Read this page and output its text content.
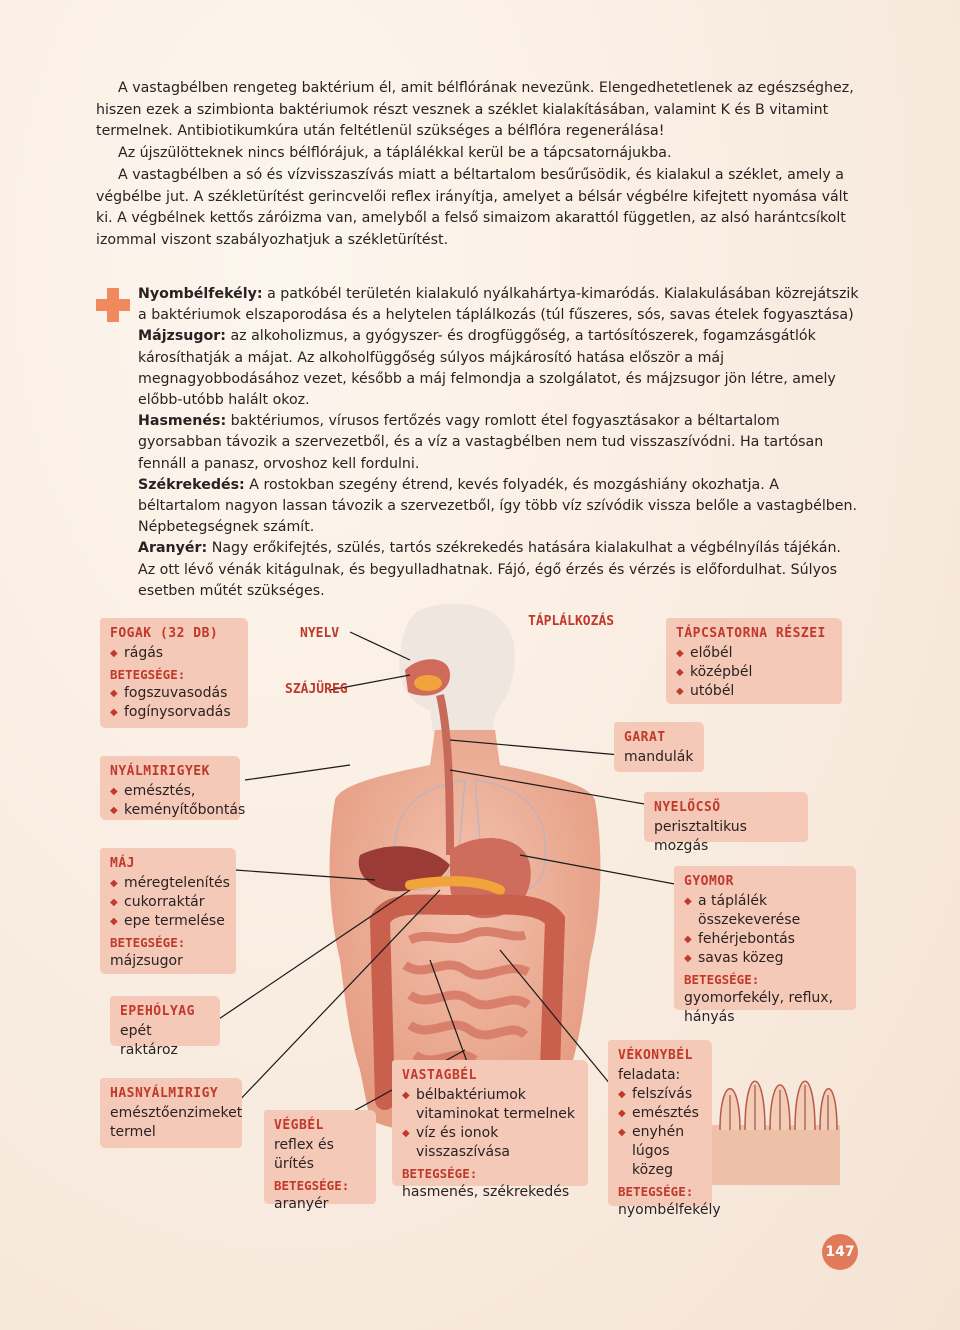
A vastagbélben rengeteg baktérium él, amit bélflórának nevezünk. Elengedhetetlenek az egészséghez, hiszen ezek a szimbionta baktériumok részt vesznek a széklet kialakításában, valamint K és B vitamint termelnek. Antibiotikumkúra után feltétlenül szükséges a bélflóra regenerálása!

Az újszülötteknek nincs bélflórájuk, a táplálékkal kerül be a tápcsatornájukba.

A vastagbélben a só és vízvisszaszívás miatt a béltartalom besűrűsödik, és kialakul a széklet, amely a végbélbe jut. A székletürítést gerincvelői reflex irányítja, amelyet a bélsár végbélre kifejtett nyomása vált ki. A végbélnek kettős záróizma van, amelyből a felső simaizom akarattól független, az alsó harántcsíkolt izommal viszont szabályozhatjuk a székletürítést.

Nyombélfekély: a patkóbél területén kialakuló nyálkahártya-kimaródás. Kialakulásában közrejátszik a baktériumok elszaporodása és a helytelen táplálkozás (túl fűszeres, sós, savas ételek fogyasztása)

Májzsugor: az alkoholizmus, a gyógyszer- és drogfüggőség, a tartósítószerek, fogamzásgátlók károsíthatják a májat. Az alkoholfüggőség súlyos májkárosító hatása először a máj megnagyobbodásához vezet, később a máj felmondja a szolgálatot, és májzsugor jön létre, amely előbb-utóbb halált okoz.

Hasmenés: baktériumos, vírusos fertőzés vagy romlott étel fogyasztásakor a béltartalom gyorsabban távozik a szervezetből, és a víz a vastagbélben nem tud visszaszívódni. Ha tartósan fennáll a panasz, orvoshoz kell fordulni.

Székrekedés: A rostokban szegény étrend, kevés folyadék, és mozgáshiány okozhatja. A béltartalom nagyon lassan távozik a szervezetből, így több víz szívódik vissza belőle a vastagbélben. Népbetegségnek számít.

Aranyér: Nagy erőkifejtés, szülés, tartós székrekedés hatására kialakulhat a végbélnyílás tájékán. Az ott lévő vénák kitágulnak, és begyulladhatnak. Fájó, égő érzés és vérzés is előfordulhat. Súlyos esetben műtét szükséges.

NYELV
SZÁJÜREG
TÁPLÁLKOZÁS
FOGAK (32 DB)
◆ rágás
BETEGSÉGE:
◆ fogszuvasodás
◆ fogínysorvadás
NYÁLMIRIGYEK
◆ emésztés,
◆ keményítőbontás
MÁJ
◆ méregtelenítés
◆ cukorraktár
◆ epe termelése
BETEGSÉGE:
májzsugor
EPEHÓLYAG
epét raktároz
HASNYÁLMIRIGY
emésztőenzimeket
termel	VÉGBÉL
reflex és ürítés
BETEGSÉGE:
aranyér
VASTAGBÉL
◆ bélbaktériumok
vitaminokat termelnek
◆ víz és ionok visszaszívása
BETEGSÉGE:
hasmenés, székrekedés
VÉKONYBÉL
feladata:
◆ felszívás
◆ emésztés
◆ enyhén
lúgos közeg
BETEGSÉGE:
nyombélfekély
TÁPCSATORNA RÉSZEI
◆ előbél
◆ középbél
◆ utóbél
GARAT
mandulák
NYELŐCSŐ
perisztaltikus mozgás
GYOMOR
◆ a táplálék összekeverése
◆ fehérjebontás
◆ savas közeg
BETEGSÉGE:
gyomorfekély, reflux, hányás
147
